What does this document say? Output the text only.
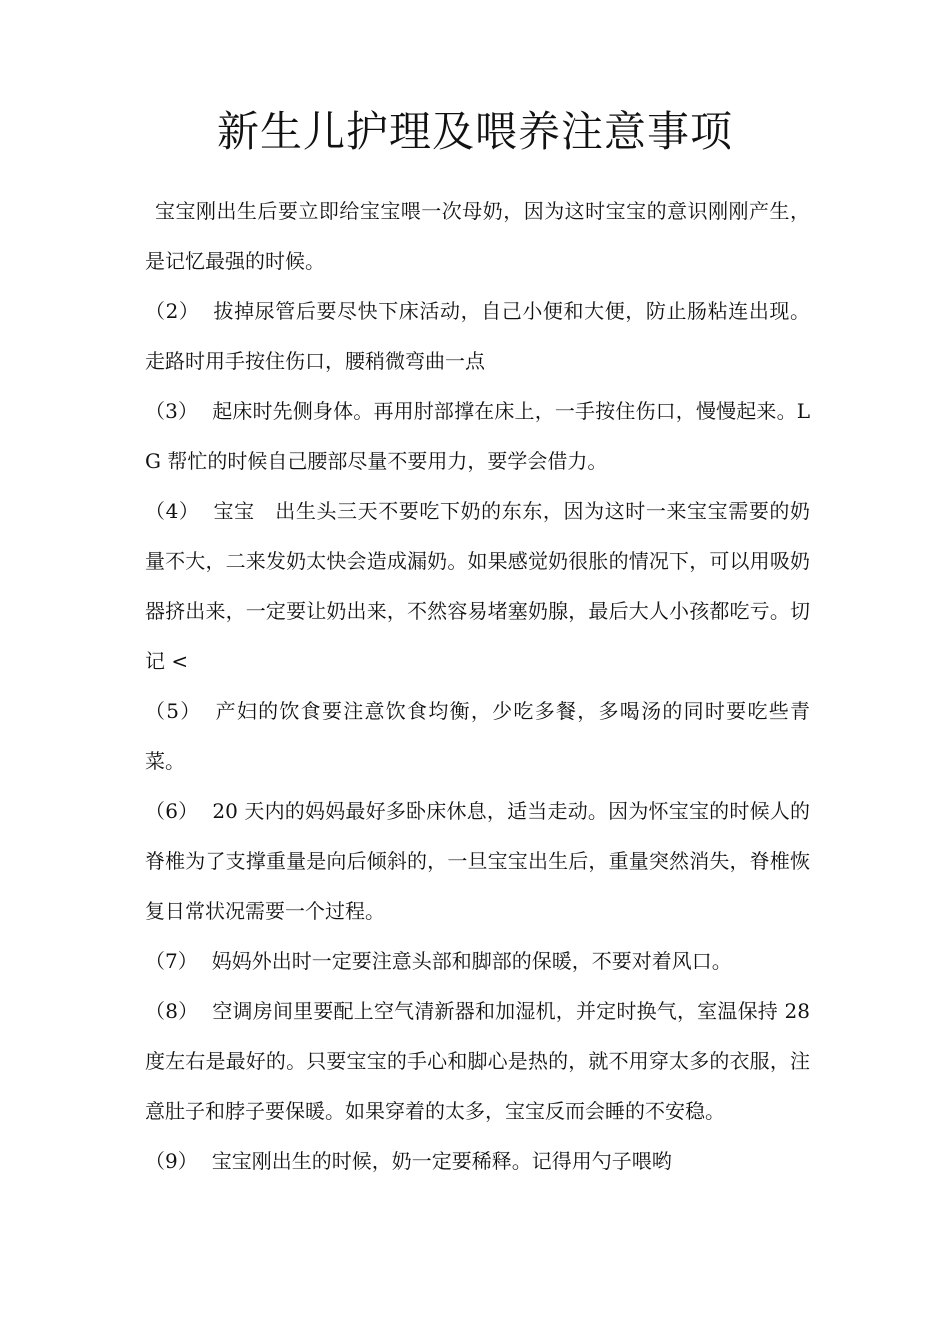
新生儿护理及喂养注意事项

宝宝刚出生后要立即给宝宝喂一次母奶，因为这时宝宝的意识刚刚产生，是记忆最强的时候。

（2） 拔掉尿管后要尽快下床活动，自己小便和大便，防止肠粘连出现。走路时用手按住伤口，腰稍微弯曲一点

（3） 起床时先侧身体。再用肘部撑在床上，一手按住伤口，慢慢起来。LG 帮忙的时候自己腰部尽量不要用力，要学会借力。

（4） 宝宝　出生头三天不要吃下奶的东东，因为这时一来宝宝需要的奶量不大，二来发奶太快会造成漏奶。如果感觉奶很胀的情况下，可以用吸奶器挤出来，一定要让奶出来，不然容易堵塞奶腺，最后大人小孩都吃亏。切记 <

（5） 产妇的饮食要注意饮食均衡，少吃多餐，多喝汤的同时要吃些青菜。

（6） 20 天内的妈妈最好多卧床休息，适当走动。因为怀宝宝的时候人的脊椎为了支撑重量是向后倾斜的，一旦宝宝出生后，重量突然消失，脊椎恢复日常状况需要一个过程。

（7） 妈妈外出时一定要注意头部和脚部的保暖，不要对着风口。

（8） 空调房间里要配上空气清新器和加湿机，并定时换气，室温保持 28 度左右是最好的。只要宝宝的手心和脚心是热的，就不用穿太多的衣服，注意肚子和脖子要保暖。如果穿着的太多，宝宝反而会睡的不安稳。

（9） 宝宝刚出生的时候，奶一定要稀释。记得用勺子喂哟
